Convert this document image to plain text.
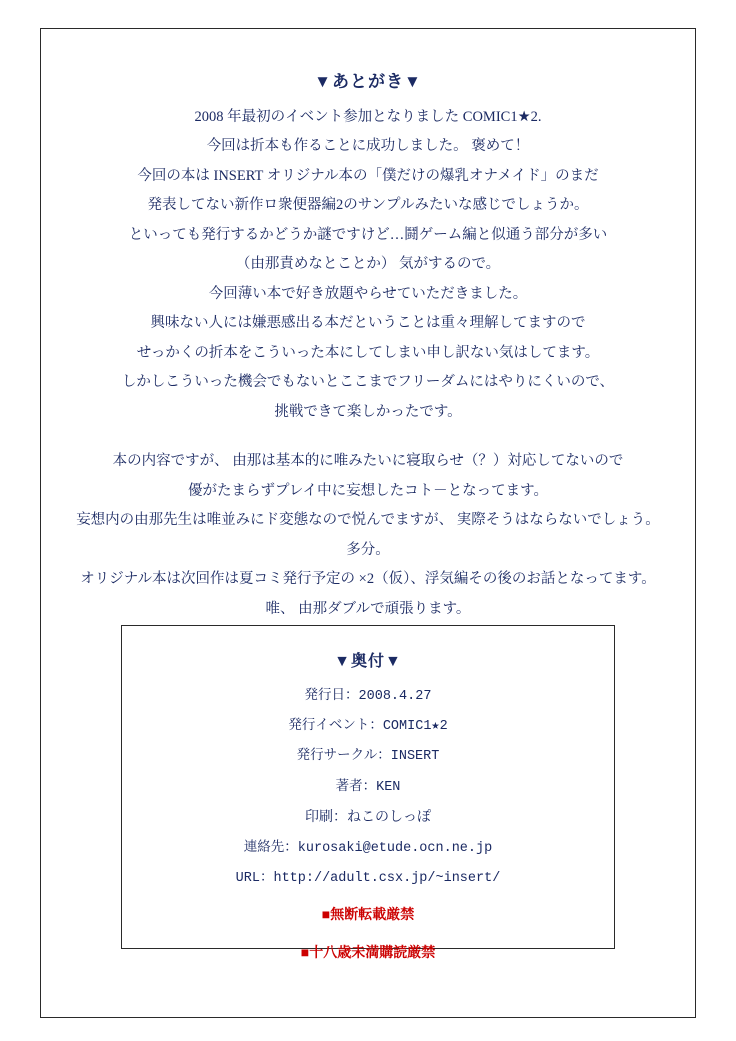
▼あとがき▼

2008 年最初のイベント参加となりました COMIC1★2.

今回は折本も作ることに成功しました。 褒めて！

今回の本は INSERT オリジナル本の「僕だけの爆乳オナメイド」のまだ

発表してない新作ロ衆便器編2のサンプルみたいな感じでしょうか。

といっても発行するかどうか謎ですけど…鬪ゲーム編と似通う部分が多い

（由那責めなとことか） 気がするので。

今回薄い本で好き放題やらせていただきました。

興味ない人には嫌悪感出る本だということは重々理解してますので

せっかくの折本をこういった本にしてしまい申し訳ない気はしてます。

しかしこういった機会でもないとここまでフリーダムにはやりにくいので、

挑戦できて楽しかったです。

本の内容ですが、 由那は基本的に唯みたいに寝取らせ（？）対応してないので

優がたまらずプレイ中に妄想したコト－となってます。

妄想内の由那先生は唯並みにド変態なので悦んでますが、 実際そうはならないでしょう。

多分。

オリジナル本は次回作は夏コミ発行予定の ×2（仮）、浮気編その後のお話となってます。

唯、 由那ダブルで頑張ります。

▼奥付▼
発行日：2008.4.27
発行イベント：COMIC1★2
発行サークル：INSERT
著者：KEN
印刷：ねこのしっぽ
連絡先：kurosaki@etude.ocn.ne.jp
URL：http://adult.csx.jp/~insert/
■無断転載厳禁
■十八歳未満購読厳禁
